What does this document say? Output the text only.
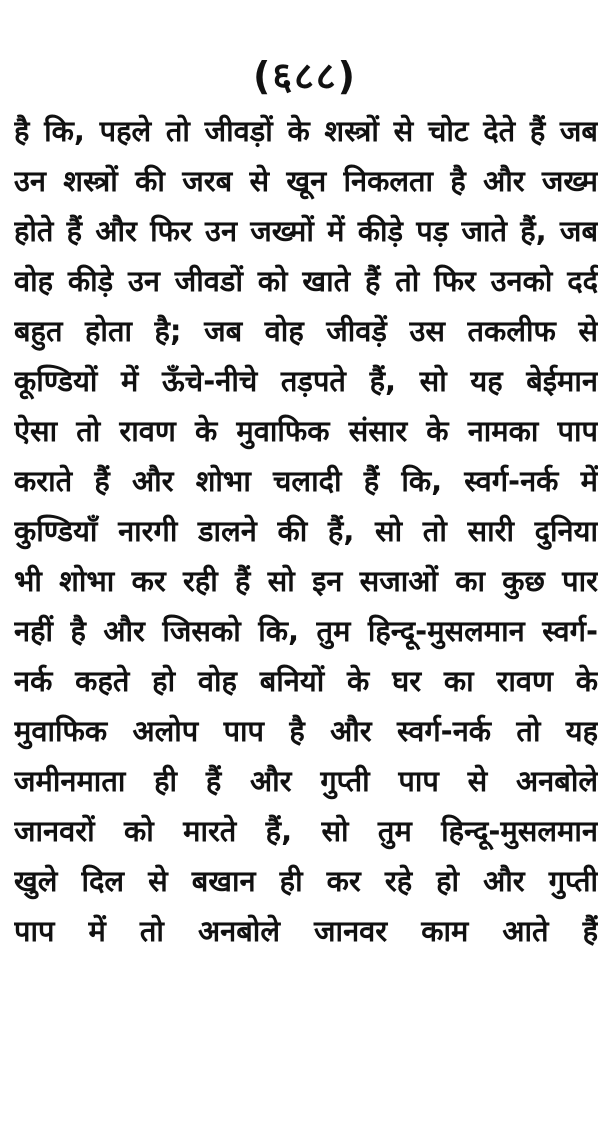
(६८८)
है कि, पहले तो जीवड़ों के शस्त्रों से चोट देते हैं जब
उन शस्त्रों की जरब से खून निकलता है और जख्म
होते हैं और फिर उन जख्मों में कीड़े पड़ जाते हैं, जब
वोह कीड़े उन जीवडों को खाते हैं तो फिर उनको दर्द
बहुत होता है; जब वोह जीवड़ें उस तकलीफ से
कूण्डियों में ऊँचे-नीचे तड़पते हैं, सो यह बेईमान
ऐसा तो रावण के मुवाफिक संसार के नामका पाप
कराते हैं और शोभा चलादी हैं कि, स्वर्ग-नर्क में
कुण्डियाँ नारगी डालने की हैं, सो तो सारी दुनिया
भी शोभा कर रही हैं सो इन सजाओं का कुछ पार
नहीं है और जिसको कि, तुम हिन्दू-मुसलमान स्वर्ग-
नर्क कहते हो वोह बनियों के घर का रावण के
मुवाफिक अलोप पाप है और स्वर्ग-नर्क तो यह
जमीनमाता ही हैं और गुप्ती पाप से अनबोले
जानवरों को मारते हैं, सो तुम हिन्दू-मुसलमान
खुले दिल से बखान ही कर रहे हो और गुप्ती
पाप में तो अनबोले जानवर काम आते हैं
